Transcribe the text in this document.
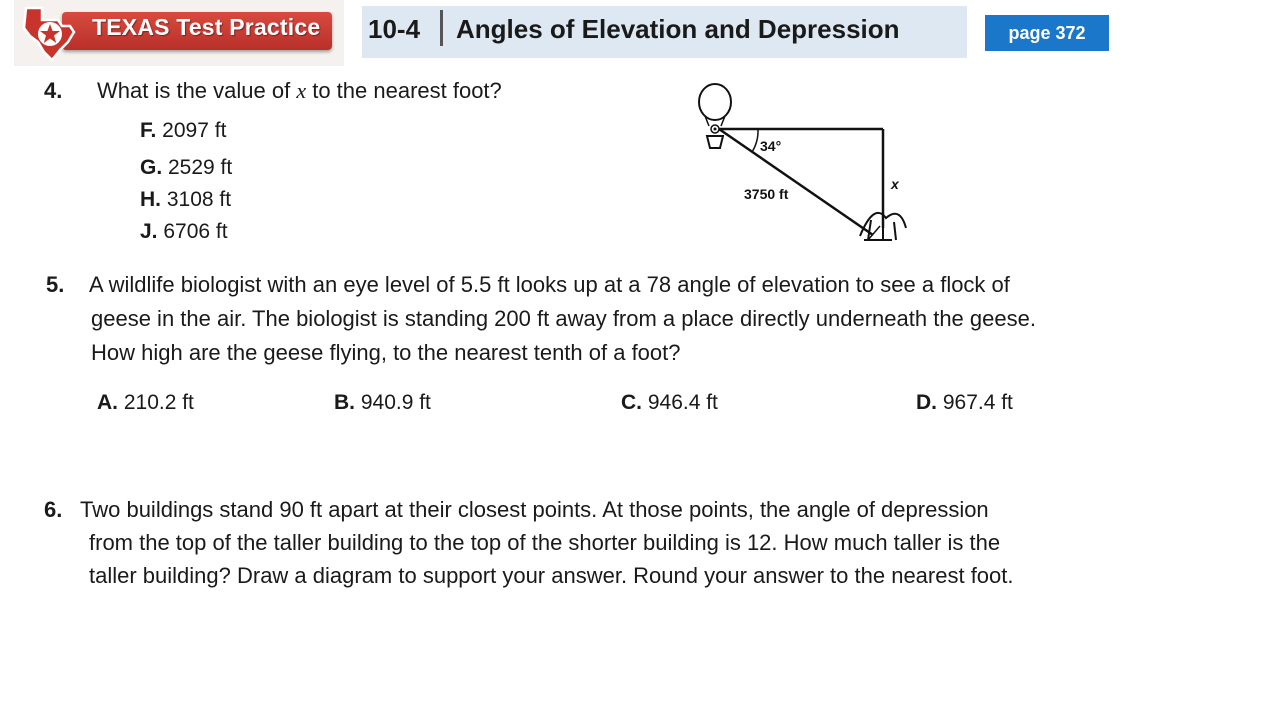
TEXAS Test Practice 10-4 Angles of Elevation and Depression	page 372
4. What is the value of x to the nearest foot?
F. 2097 ft
G. 2529 ft
H. 3108 ft
J. 6706 ft
34°
3750 ft
x
5. A wildlife biologist with an eye level of 5.5 ft looks up at a 78 angle of elevation to see a flock of
geese in the air. The biologist is standing 200 ft away from a place directly underneath the geese.
How high are the geese flying, to the nearest tenth of a foot?
A. 210.2 ft	B. 940.9 ft	C. 946.4 ft	D. 967.4 ft
6. Two buildings stand 90 ft apart at their closest points. At those points, the angle of depression
from the top of the taller building to the top of the shorter building is 12. How much taller is the
taller building? Draw a diagram to support your answer. Round your answer to the nearest foot.
